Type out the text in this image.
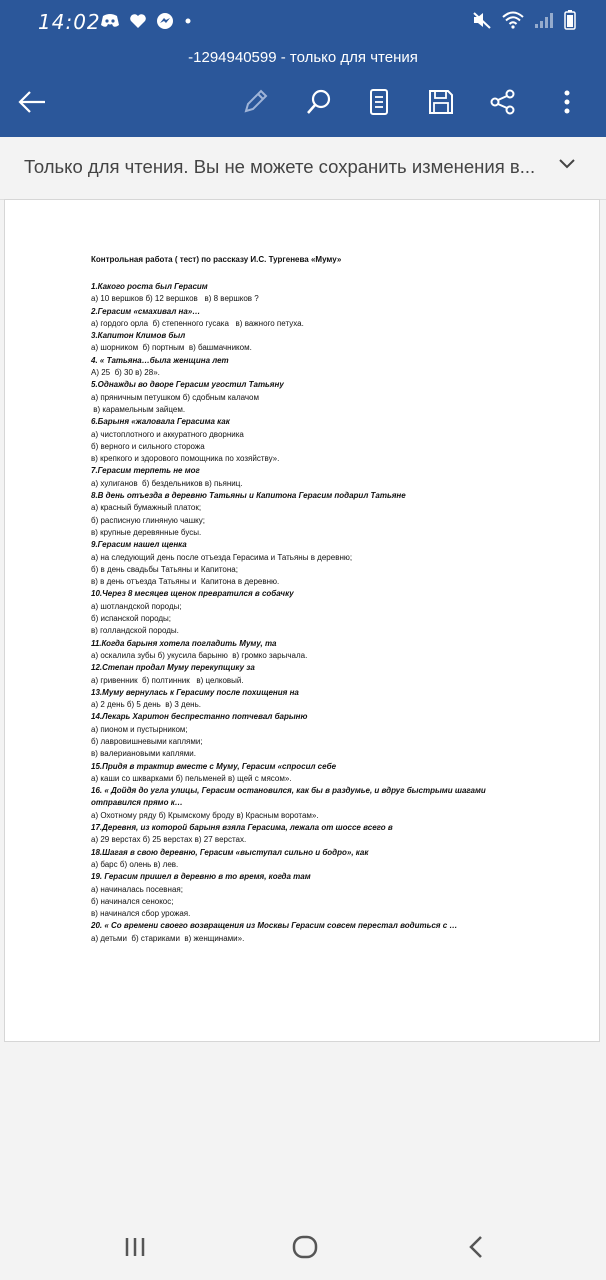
14:02
-1294940599 - только для чтения
Только для чтения. Вы не можете сохранить изменения в...
Контрольная работа ( тест) по рассказу И.С. Тургенева «Муму»
1.Какого роста был Герасим
а) 10 вершков б) 12 вершков   в) 8 вершков ?
2.Герасим «смахивал на»…
а) гордого орла  б) степенного гусака   в) важного петуха.
3.Капитон Климов был
а) шорником  б) портным  в) башмачником.
4. « Татьяна…была женщина лет
А) 25  б) 30 в) 28».
5.Однажды во дворе Герасим угостил Татьяну
а) пряничным петушком б) сдобным калачом
в) карамельным зайцем.
6.Барыня «жаловала Герасима как
а) чистоплотного и аккуратного дворника
б) верного и сильного сторожа
в) крепкого и здорового помощника по хозяйству».
7.Герасим терпеть не мог
а) хулиганов  б) бездельников в) пьяниц.
8.В день отъезда в деревню Татьяны и Капитона Герасим подарил Татьяне
а) красный бумажный платок;
б) расписную глиняную чашку;
в) крупные деревянные бусы.
9.Герасим нашел щенка
а) на следующий день после отъезда Герасима и Татьяны в деревню;
б) в день свадьбы Татьяны и Капитона;
в) в день отъезда Татьяны и  Капитона в деревню.
10.Через 8 месяцев щенок превратился в собачку
а) шотландской породы;
б) испанской породы;
в) голландской породы.
11.Когда барыня хотела погладить Муму, та
а) оскалила зубы б) укусила барыню  в) громко зарычала.
12.Степан продал Муму перекупщику за
а) гривенник  б) полтинник   в) целковый.
13.Муму вернулась к Герасиму после похищения на
а) 2 день б) 5 день  в) 3 день.
14.Лекарь Харитон беспрестанно потчевал барыню
а) пионом и пустырником;
б) лавровишневыми каплями;
в) валериановыми каплями.
15.Придя в трактир вместе с Муму, Герасим «спросил себе
а) каши со шкварками б) пельменей в) щей с мясом».
16. « Дойдя до угла улицы, Герасим остановился, как бы в раздумье, и вдруг быстрыми шагами
отправился прямо к…
а) Охотному ряду б) Крымскому броду в) Красным воротам».
17.Деревня, из которой барыня взяла Герасима, лежала от шоссе всего в
а) 29 верстах б) 25 верстах в) 27 верстах.
18.Шагая в свою деревню, Герасим «выступал сильно и бодро», как
а) барс б) олень в) лев.
19. Герасим пришел в деревню в то время, когда там
а) начиналась посевная;
б) начинался сенокос;
в) начинался сбор урожая.
20. « Со времени своего возвращения из Москвы Герасим совсем перестал водиться с …
а) детьми  б) стариками  в) женщинами».
